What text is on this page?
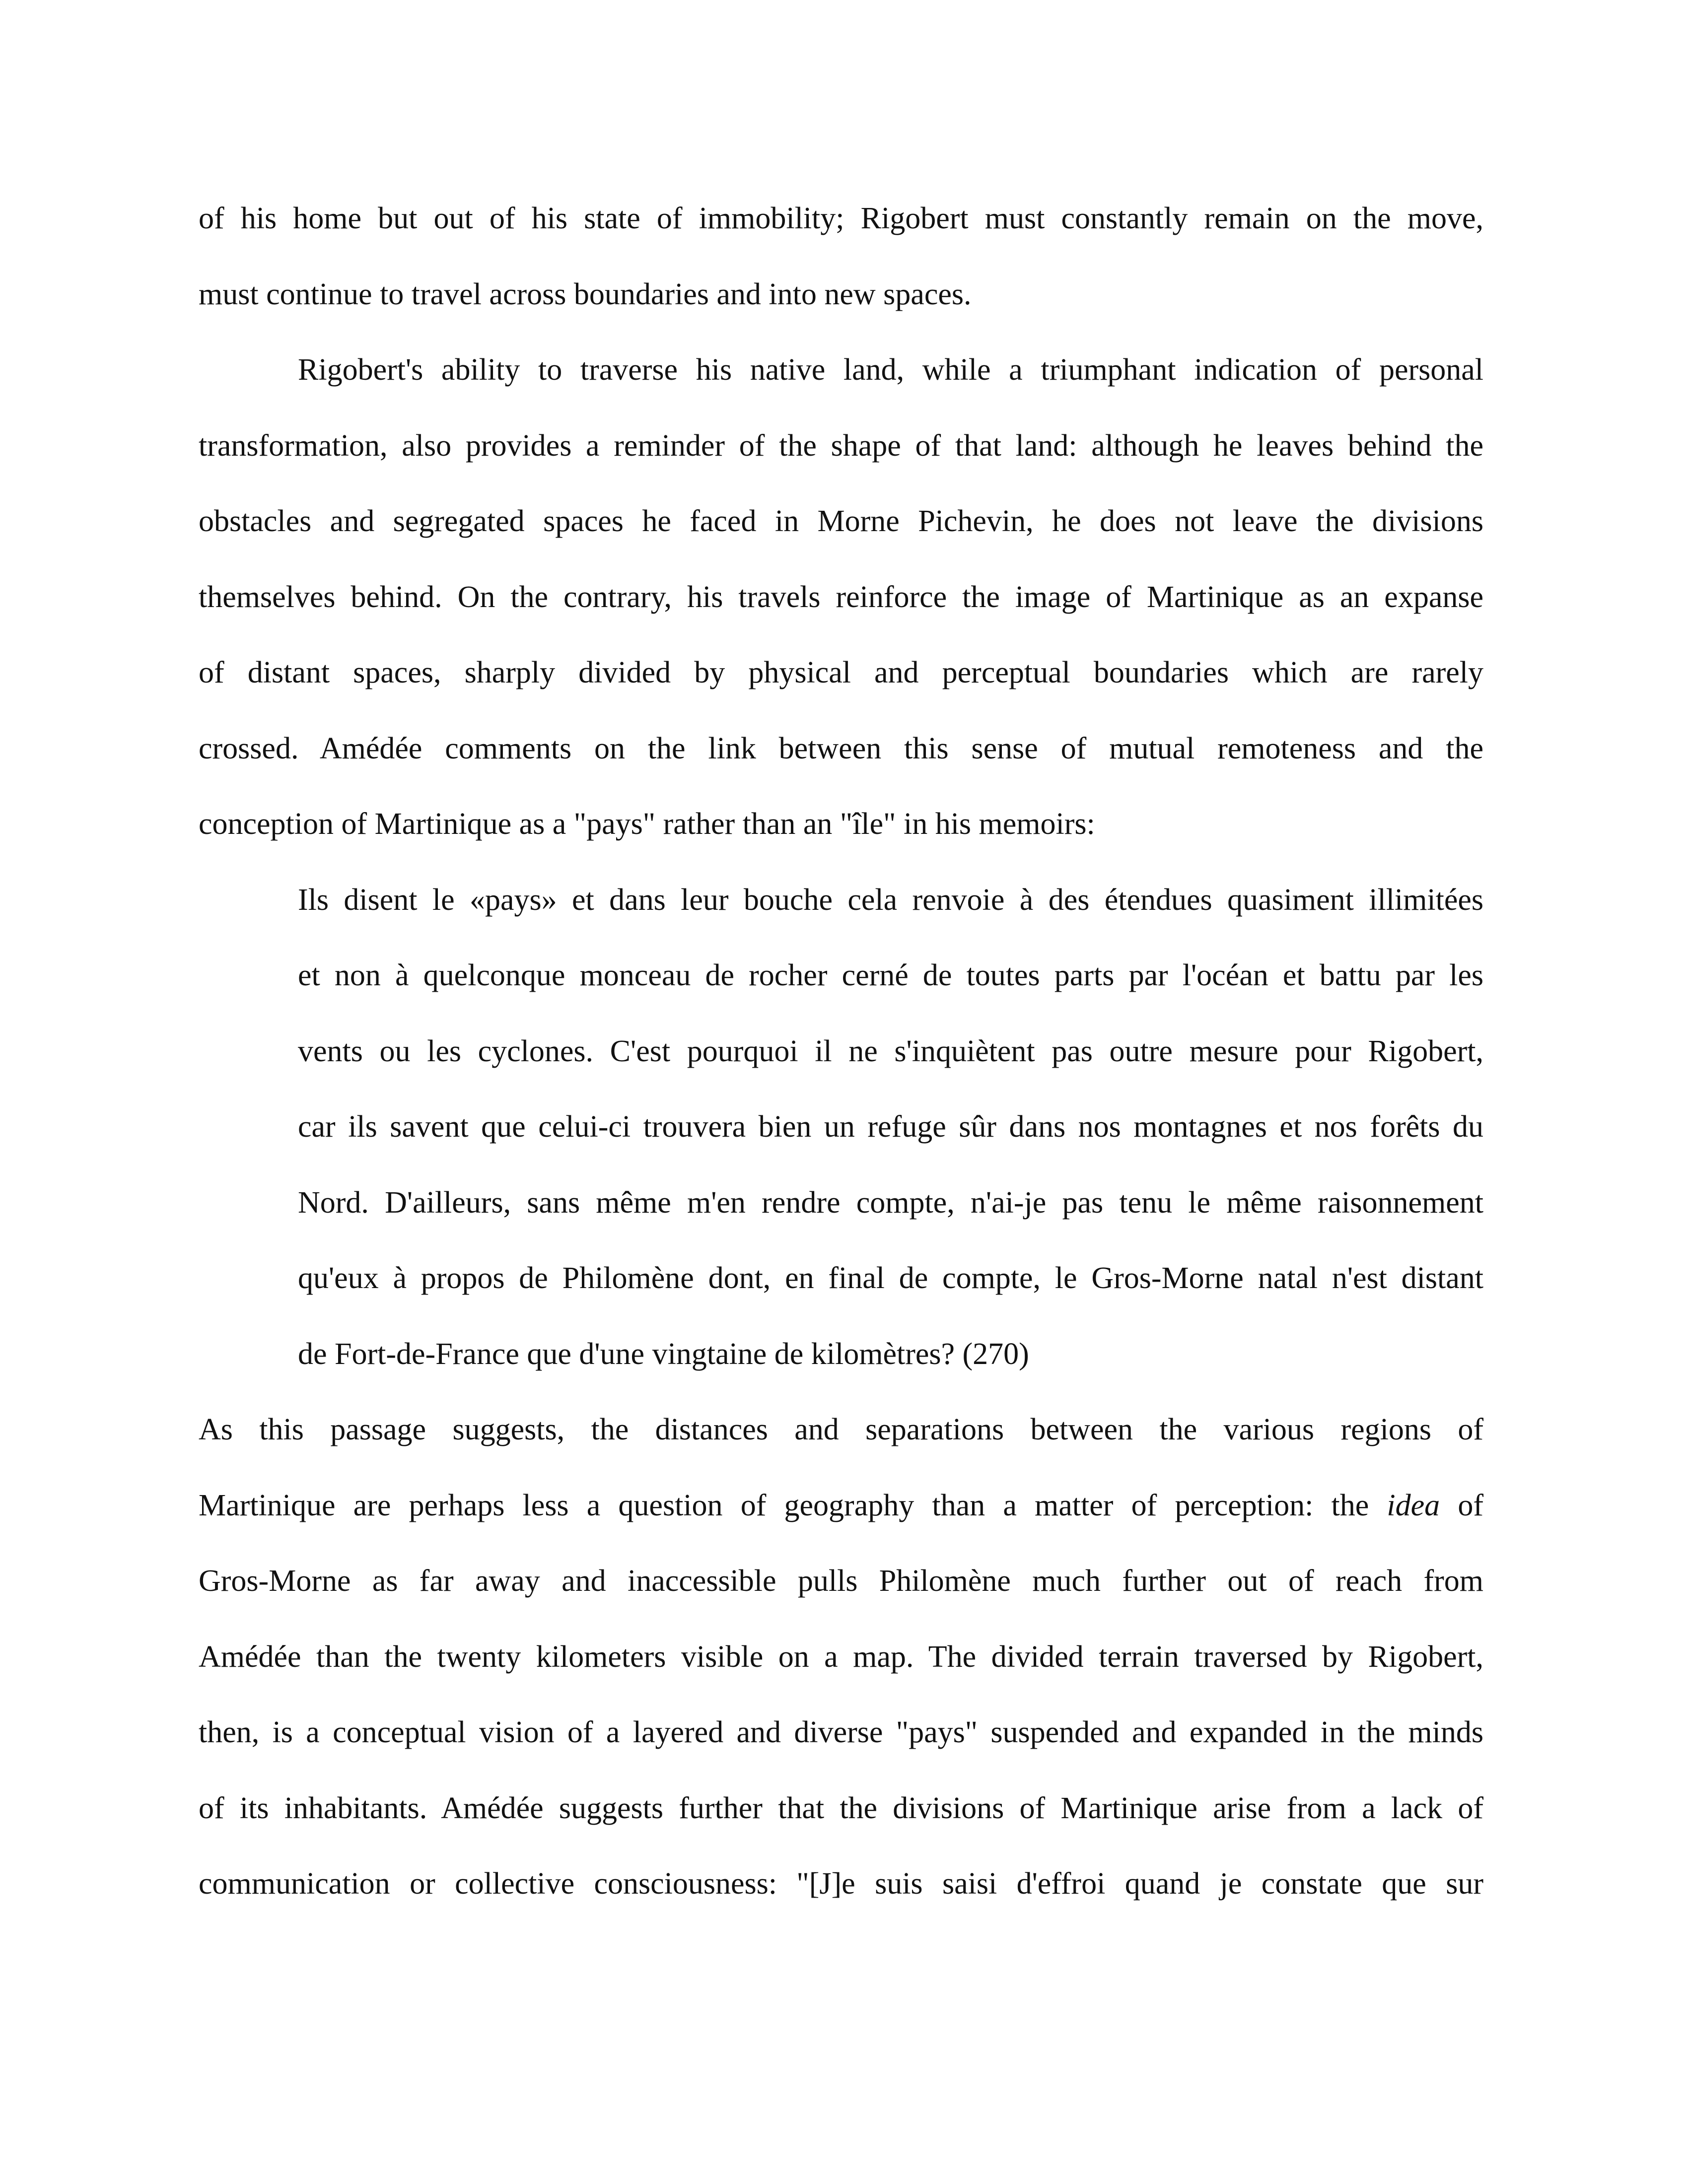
of his home but out of his state of immobility; Rigobert must constantly remain on the move,
must continue to travel across boundaries and into new spaces.
Rigobert's ability to traverse his native land, while a triumphant indication of personal
transformation, also provides a reminder of the shape of that land: although he leaves behind the
obstacles and segregated spaces he faced in Morne Pichevin, he does not leave the divisions
themselves behind. On the contrary, his travels reinforce the image of Martinique as an expanse
of distant spaces, sharply divided by physical and perceptual boundaries which are rarely
crossed. Amédée comments on the link between this sense of mutual remoteness and the
conception of Martinique as a "pays" rather than an "île" in his memoirs:
Ils disent le «pays» et dans leur bouche cela renvoie à des étendues quasiment illimitées
et non à quelconque monceau de rocher cerné de toutes parts par l'océan et battu par les
vents ou les cyclones. C'est pourquoi il ne s'inquiètent pas outre mesure pour Rigobert,
car ils savent que celui-ci trouvera bien un refuge sûr dans nos montagnes et nos forêts du
Nord. D'ailleurs, sans même m'en rendre compte, n'ai-je pas tenu le même raisonnement
qu'eux à propos de Philomène dont, en final de compte, le Gros-Morne natal n'est distant
de Fort-de-France que d'une vingtaine de kilomètres? (270)
As this passage suggests, the distances and separations between the various regions of
Martinique are perhaps less a question of geography than a matter of perception: the idea of
Gros-Morne as far away and inaccessible pulls Philomène much further out of reach from
Amédée than the twenty kilometers visible on a map. The divided terrain traversed by Rigobert,
then, is a conceptual vision of a layered and diverse "pays" suspended and expanded in the minds
of its inhabitants. Amédée suggests further that the divisions of Martinique arise from a lack of
communication or collective consciousness: "[J]e suis saisi d'effroi quand je constate que sur
